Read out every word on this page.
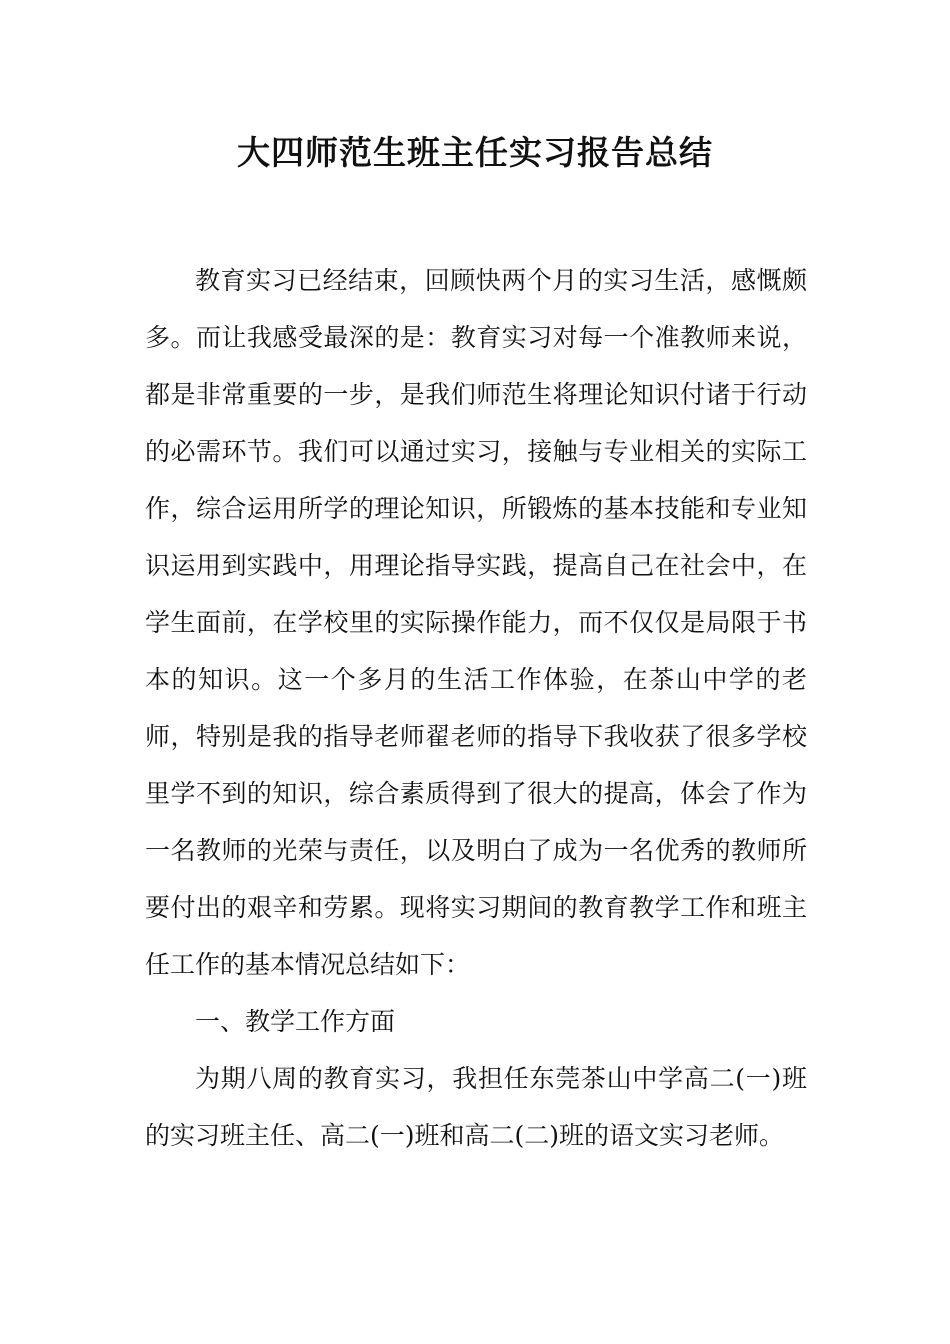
大四师范生班主任实习报告总结

教育实习已经结束，回顾快两个月的实习生活，感慨颇多。而让我感受最深的是：教育实习对每一个准教师来说，都是非常重要的一步，是我们师范生将理论知识付诸于行动的必需环节。我们可以通过实习，接触与专业相关的实际工作，综合运用所学的理论知识，所锻炼的基本技能和专业知识运用到实践中，用理论指导实践，提高自己在社会中，在学生面前，在学校里的实际操作能力，而不仅仅是局限于书本的知识。这一个多月的生活工作体验，在茶山中学的老师，特别是我的指导老师翟老师的指导下我收获了很多学校里学不到的知识，综合素质得到了很大的提高，体会了作为一名教师的光荣与责任，以及明白了成为一名优秀的教师所要付出的艰辛和劳累。现将实习期间的教育教学工作和班主任工作的基本情况总结如下：

一、教学工作方面

为期八周的教育实习，我担任东莞茶山中学高二(一)班的实习班主任、高二(一)班和高二(二)班的语文实习老师。
